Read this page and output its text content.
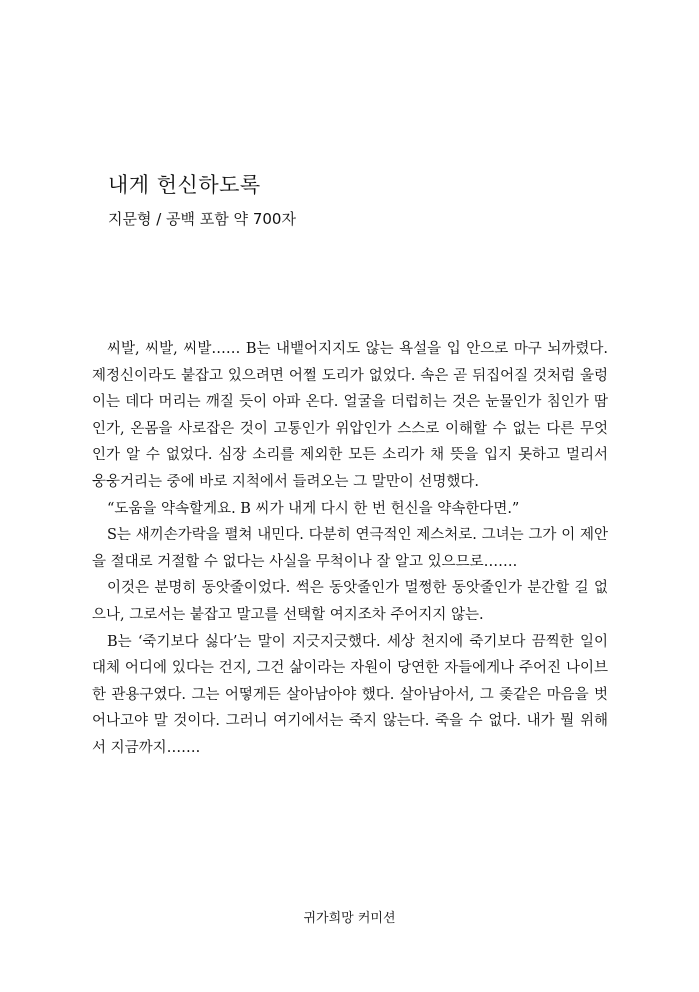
내게 헌신하도록
지문형 / 공백 포함 약 700자

씨발, 씨발, 씨발…… B는 내뱉어지지도 않는 욕설을 입 안으로 마구 뇌까렸다. 제정신이라도 붙잡고 있으려면 어쩔 도리가 없었다. 속은 곧 뒤집어질 것처럼 울렁이는 데다 머리는 깨질 듯이 아파 온다. 얼굴을 더럽히는 것은 눈물인가 침인가 땀인가, 온몸을 사로잡은 것이 고통인가 위압인가 스스로 이해할 수 없는 다른 무엇인가 알 수 없었다. 심장 소리를 제외한 모든 소리가 채 뜻을 입지 못하고 멀리서 웅웅거리는 중에 바로 지척에서 들려오는 그 말만이 선명했다.

“도움을 약속할게요. B 씨가 내게 다시 한 번 헌신을 약속한다면.”

S는 새끼손가락을 펼쳐 내민다. 다분히 연극적인 제스처로. 그녀는 그가 이 제안을 절대로 거절할 수 없다는 사실을 무척이나 잘 알고 있으므로…….

이것은 분명히 동앗줄이었다. 썩은 동앗줄인가 멀쩡한 동앗줄인가 분간할 길 없으나, 그로서는 붙잡고 말고를 선택할 여지조차 주어지지 않는.

B는 ‘죽기보다 싫다’는 말이 지긋지긋했다. 세상 천지에 죽기보다 끔찍한 일이 대체 어디에 있다는 건지, 그건 삶이라는 자원이 당연한 자들에게나 주어진 나이브한 관용구였다. 그는 어떻게든 살아남아야 했다. 살아남아서, 그 좆같은 마음을 벗어나고야 말 것이다. 그러니 여기에서는 죽지 않는다. 죽을 수 없다. 내가 뭘 위해서 지금까지…….

귀가희망 커미션
